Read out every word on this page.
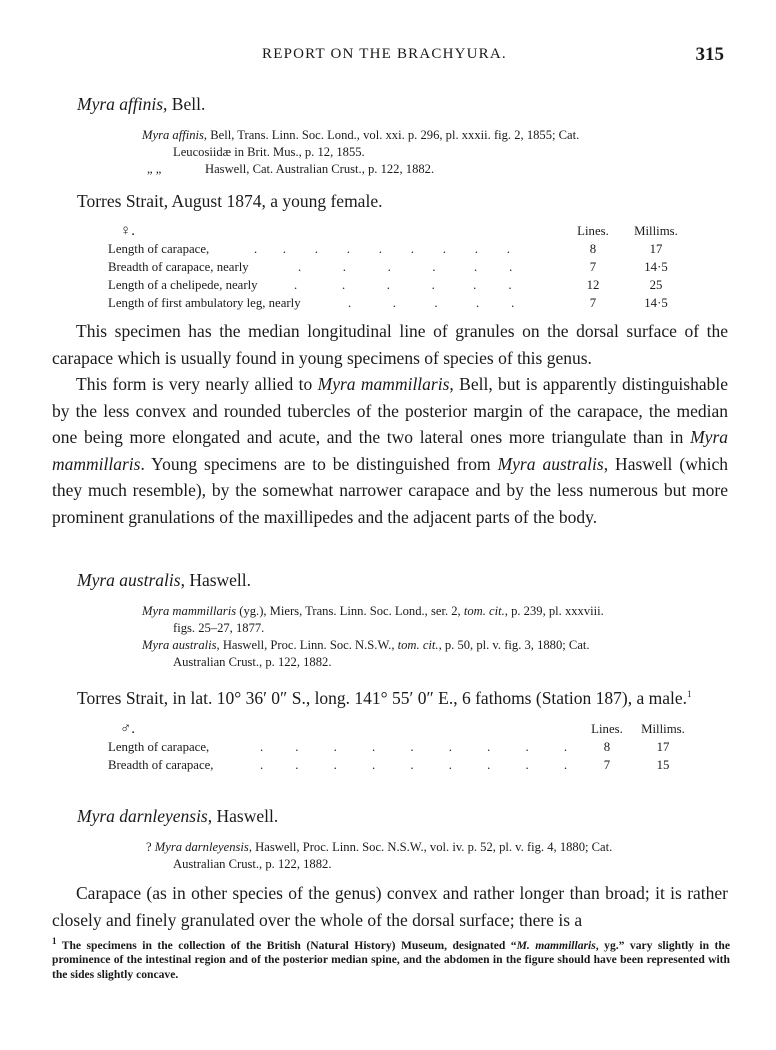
REPORT ON THE BRACHYURA.	315
Myra affinis, Bell.
Myra affinis, Bell, Trans. Linn. Soc. Lond., vol. xxi. p. 296, pl. xxxii. fig. 2, 1855; Cat.
Leucosiidæ in Brit. Mus., p. 12, 1855.
„ „	Haswell, Cat. Australian Crust., p. 122, 1882.
Torres Strait, August 1874, a young female.
♀.	Lines.	Millims.
Length of carapace,	.        .         .         .         .         .         .         .         .	8	17
Breadth of carapace, nearly	.             .             .             .            .          .	7	14·5
Length of a chelipede, nearly	.              .             .             .            .          .	12	25
Length of first ambulatory leg, nearly	.             .            .            .          .	7	14·5

This specimen has the median longitudinal line of granules on the dorsal surface of the carapace which is usually found in young specimens of species of this genus.

This form is very nearly allied to Myra mammillaris, Bell, but is apparently distinguishable by the less convex and rounded tubercles of the posterior margin of the carapace, the median one being more elongated and acute, and the two lateral ones more triangulate than in Myra mammillaris. Young specimens are to be distinguished from Myra australis, Haswell (which they much resemble), by the somewhat narrower carapace and by the less numerous but more prominent granulations of the maxillipedes and the adjacent parts of the body.

Myra australis, Haswell.
Myra mammillaris (yg.), Miers, Trans. Linn. Soc. Lond., ser. 2, tom. cit., p. 239, pl. xxxviii.
figs. 25–27, 1877.
Myra australis, Haswell, Proc. Linn. Soc. N.S.W., tom. cit., p. 50, pl. v. fig. 3, 1880; Cat.
Australian Crust., p. 122, 1882.
Torres Strait, in lat. 10° 36′ 0″ S., long. 141° 55′ 0″ E., 6 fathoms (Station 187), a male.$^1$
♂.	Lines.	Millims.
Length of carapace,	.          .           .           .           .           .           .           .           .	8	17
Breadth of carapace,	.          .           .           .           .           .           .           .           .	7	15
Myra darnleyensis, Haswell.
? Myra darnleyensis, Haswell, Proc. Linn. Soc. N.S.W., vol. iv. p. 52, pl. v. fig. 4, 1880; Cat.
Australian Crust., p. 122, 1882.

Carapace (as in other species of the genus) convex and rather longer than broad; it is rather closely and finely granulated over the whole of the dorsal surface; there is a

$^1$ The specimens in the collection of the British (Natural History) Museum, designated “M. mammillaris, yg.” vary slightly in the prominence of the intestinal region and of the posterior median spine, and the abdomen in the figure should have been represented with the sides slightly concave.
